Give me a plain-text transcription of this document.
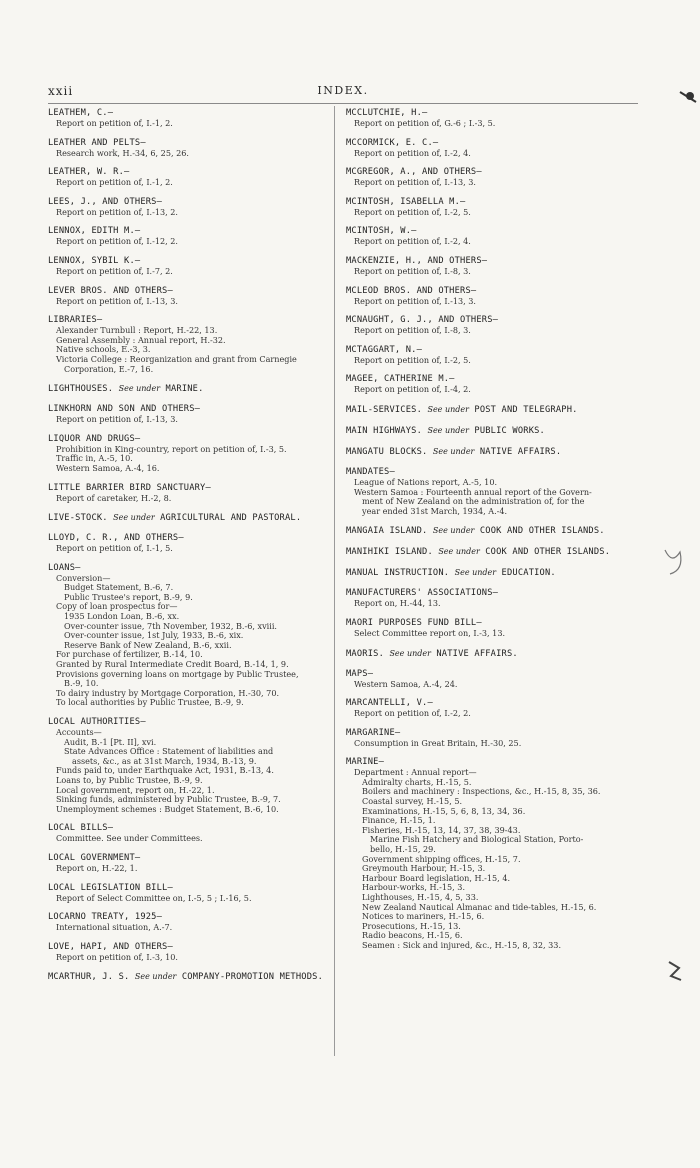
xxii	INDEX.
LEATHEM, C.—
Report on petition of, I.-1, 2.
LEATHER AND PELTS—
Research work, H.-34, 6, 25, 26.
LEATHER, W. R.—
Report on petition of, I.-1, 2.
LEES, J., AND OTHERS—
Report on petition of, I.-13, 2.
LENNOX, EDITH M.—
Report on petition of, I.-12, 2.
LENNOX, SYBIL K.—
Report on petition of, I.-7, 2.
LEVER BROS. AND OTHERS—
Report on petition of, I.-13, 3.
LIBRARIES—
Alexander Turnbull : Report, H.-22, 13.
General Assembly : Annual report, H.-32.
Native schools, E.-3, 3.
Victoria College : Reorganization and grant from Carnegie
Corporation, E.-7, 16.
LIGHTHOUSES. See under MARINE.
LINKHORN AND SON AND OTHERS—
Report on petition of, I.-13, 3.
LIQUOR AND DRUGS—
Prohibition in King-country, report on petition of, I.-3, 5.
Traffic in, A.-5, 10.
Western Samoa, A.-4, 16.
LITTLE BARRIER BIRD SANCTUARY—
Report of caretaker, H.-2, 8.
LIVE-STOCK. See under AGRICULTURAL AND PASTORAL.
LLOYD, C. R., AND OTHERS—
Report on petition of, I.-1, 5.
LOANS—
Conversion—
Budget Statement, B.-6, 7.
Public Trustee's report, B.-9, 9.
Copy of loan prospectus for—
1935 London Loan, B.-6, xx.
Over-counter issue, 7th November, 1932, B.-6, xviii.
Over-counter issue, 1st July, 1933, B.-6, xix.
Reserve Bank of New Zealand, B.-6, xxii.
For purchase of fertilizer, B.-14, 10.
Granted by Rural Intermediate Credit Board, B.-14, 1, 9.
Provisions governing loans on mortgage by Public Trustee,
B.-9, 10.
To dairy industry by Mortgage Corporation, H.-30, 70.
To local authorities by Public Trustee, B.-9, 9.
LOCAL AUTHORITIES—
Accounts—
Audit, B.-1 [Pt. II], xvi.
State Advances Office : Statement of liabilities and
assets, &c., as at 31st March, 1934, B.-13, 9.
Funds paid to, under Earthquake Act, 1931, B.-13, 4.
Loans to, by Public Trustee, B.-9, 9.
Local government, report on, H.-22, 1.
Sinking funds, administered by Public Trustee, B.-9, 7.
Unemployment schemes : Budget Statement, B.-6, 10.
LOCAL BILLS—
Committee. See under Committees.
LOCAL GOVERNMENT—
Report on, H.-22, 1.
LOCAL LEGISLATION BILL—
Report of Select Committee on, I.-5, 5 ; I.-16, 5.
LOCARNO TREATY, 1925—
International situation, A.-7.
LOVE, HAPI, AND OTHERS—
Report on petition of, I.-3, 10.
MCARTHUR, J. S. See under COMPANY-PROMOTION METHODS.
MCCLUTCHIE, H.—
Report on petition of, G.-6 ; I.-3, 5.
MCCORMICK, E. C.—
Report on petition of, I.-2, 4.
MCGREGOR, A., AND OTHERS—
Report on petition of, I.-13, 3.
MCINTOSH, ISABELLA M.—
Report on petition of, I.-2, 5.
MCINTOSH, W.—
Report on petition of, I.-2, 4.
MACKENZIE, H., AND OTHERS—
Report on petition of, I.-8, 3.
MCLEOD BROS. AND OTHERS—
Report on petition of, I.-13, 3.
MCNAUGHT, G. J., AND OTHERS—
Report on petition of, I.-8, 3.
MCTAGGART, N.—
Report on petition of, I.-2, 5.
MAGEE, CATHERINE M.—
Report on petition of, I.-4, 2.
MAIL-SERVICES. See under POST AND TELEGRAPH.
MAIN HIGHWAYS. See under PUBLIC WORKS.
MANGATU BLOCKS. See under NATIVE AFFAIRS.
MANDATES—
League of Nations report, A.-5, 10.
Western Samoa : Fourteenth annual report of the Govern-
ment of New Zealand on the administration of, for the
year ended 31st March, 1934, A.-4.
MANGAIA ISLAND. See under COOK AND OTHER ISLANDS.
MANIHIKI ISLAND. See under COOK AND OTHER ISLANDS.
MANUAL INSTRUCTION. See under EDUCATION.
MANUFACTURERS' ASSOCIATIONS—
Report on, H.-44, 13.
MAORI PURPOSES FUND BILL—
Select Committee report on, I.-3, 13.
MAORIS. See under NATIVE AFFAIRS.
MAPS—
Western Samoa, A.-4, 24.
MARCANTELLI, V.—
Report on petition of, I.-2, 2.
MARGARINE—
Consumption in Great Britain, H.-30, 25.
MARINE—
Department : Annual report—
Admiralty charts, H.-15, 5.
Boilers and machinery : Inspections, &c., H.-15, 8, 35, 36.
Coastal survey, H.-15, 5.
Examinations, H.-15, 5, 6, 8, 13, 34, 36.
Finance, H.-15, 1.
Fisheries, H.-15, 13, 14, 37, 38, 39-43.
Marine Fish Hatchery and Biological Station, Porto-
bello, H.-15, 29.
Government shipping offices, H.-15, 7.
Greymouth Harbour, H.-15, 3.
Harbour Board legislation, H.-15, 4.
Harbour-works, H.-15, 3.
Lighthouses, H.-15, 4, 5, 33.
New Zealand Nautical Almanac and tide-tables, H.-15, 6.
Notices to mariners, H.-15, 6.
Prosecutions, H.-15, 13.
Radio beacons, H.-15, 6.
Seamen : Sick and injured, &c., H.-15, 8, 32, 33.
